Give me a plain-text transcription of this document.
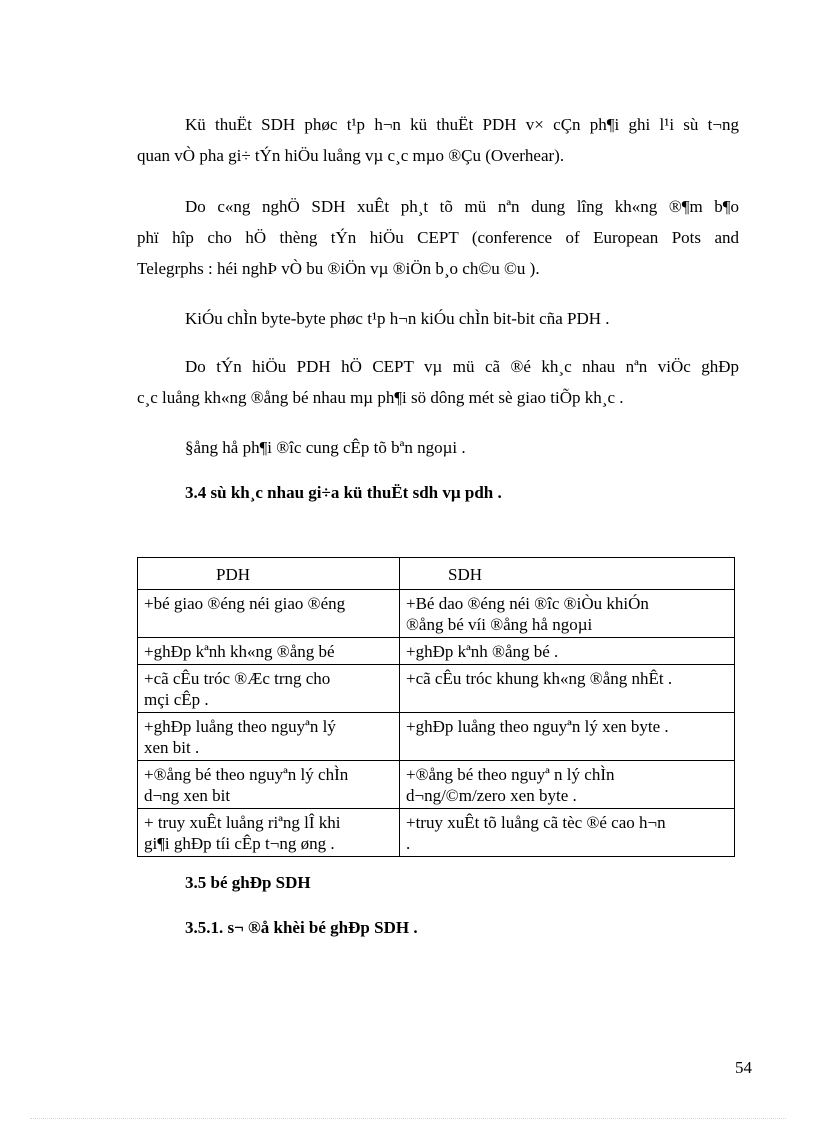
Kü thuËt SDH phøc t¹p h¬n kü thuËt PDH v× cÇn ph¶i ghi l¹i sù t¬ng
quan vÒ pha gi÷ tÝn hiÖu luång vµ c¸c mµo ®Çu (Overhear).
Do c«ng nghÖ SDH xuÊt ph¸t tõ mü nªn dung lîng kh«ng ®¶m b¶o
phï hîp cho hÖ thèng tÝn hiÖu CEPT (conference of European Pots and
Telegrphs : héi nghÞ vÒ bu ®iÖn vµ ®iÖn b¸o ch©u ©u ).
KiÓu chÌn byte-byte phøc t¹p h¬n kiÓu chÌn bit-bit cña PDH .
Do tÝn hiÖu PDH hÖ CEPT vµ mü cã ®é kh¸c nhau nªn viÖc ghÐp
c¸c luång kh«ng ®ång bé nhau mµ ph¶i sö dông mét sè giao tiÕp kh¸c .
§ång hå ph¶i ®îc cung cÊp tõ bªn ngoµi .
3.4 sù kh¸c nhau gi÷a kü thuËt sdh vµ pdh .
PDH	SDH

+bé giao ®éng néi giao ®éng	+Bé dao ®éng néi ®îc ®iÒu khiÓn
®ång bé víi ®ång hå ngoµi

+ghÐp kªnh kh«ng ®ång bé	+ghÐp kªnh ®ång bé .

+cã cÊu tróc ®Æc trng cho
mçi cÊp .	+cã cÊu tróc khung kh«ng ®ång nhÊt .

+ghÐp luång theo nguyªn lý
xen bit .	+ghÐp luång theo nguyªn lý xen byte .

+®ång bé theo nguyªn lý chÌn
d¬ng xen bit	+®ång bé theo nguyª n lý chÌn
d¬ng/©m/zero xen byte .

+ truy xuÊt luång riªng lÎ khi
gi¶i ghÐp tíi cÊp t¬ng øng .	+truy xuÊt tõ luång cã tèc ®é cao h¬n
.
3.5 bé ghÐp SDH
3.5.1. s¬ ®å khèi bé ghÐp SDH .
54
